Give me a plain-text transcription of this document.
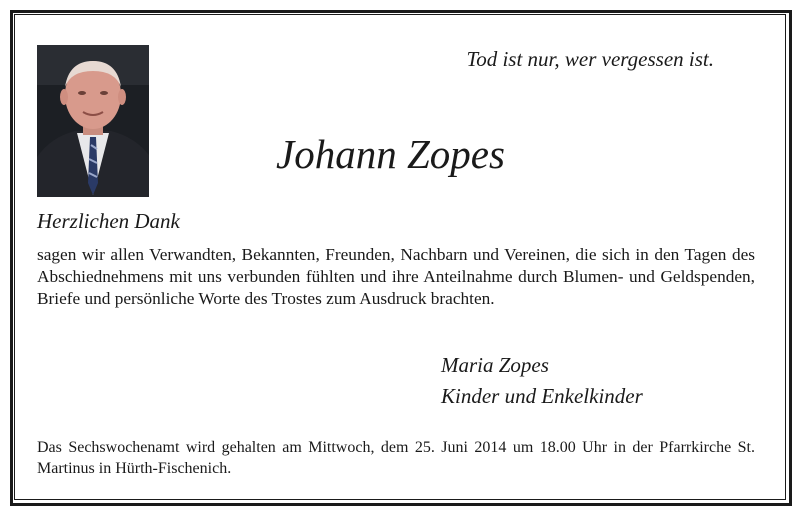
Tod ist nur, wer vergessen ist.
Johann Zopes
Herzlichen Dank

sagen wir allen Verwandten, Bekannten, Freunden, Nachbarn und Vereinen, die sich in den Tagen des Abschiednehmens mit uns verbunden fühlten und ihre Anteilnahme durch Blumen- und Geldspenden, Briefe und persönliche Worte des Trostes zum Ausdruck brachten.

Maria Zopes
Kinder und Enkelkinder

Das Sechswochenamt wird gehalten am Mittwoch, dem 25. Juni 2014 um 18.00 Uhr in der Pfarrkirche St. Martinus in Hürth-Fischenich.
